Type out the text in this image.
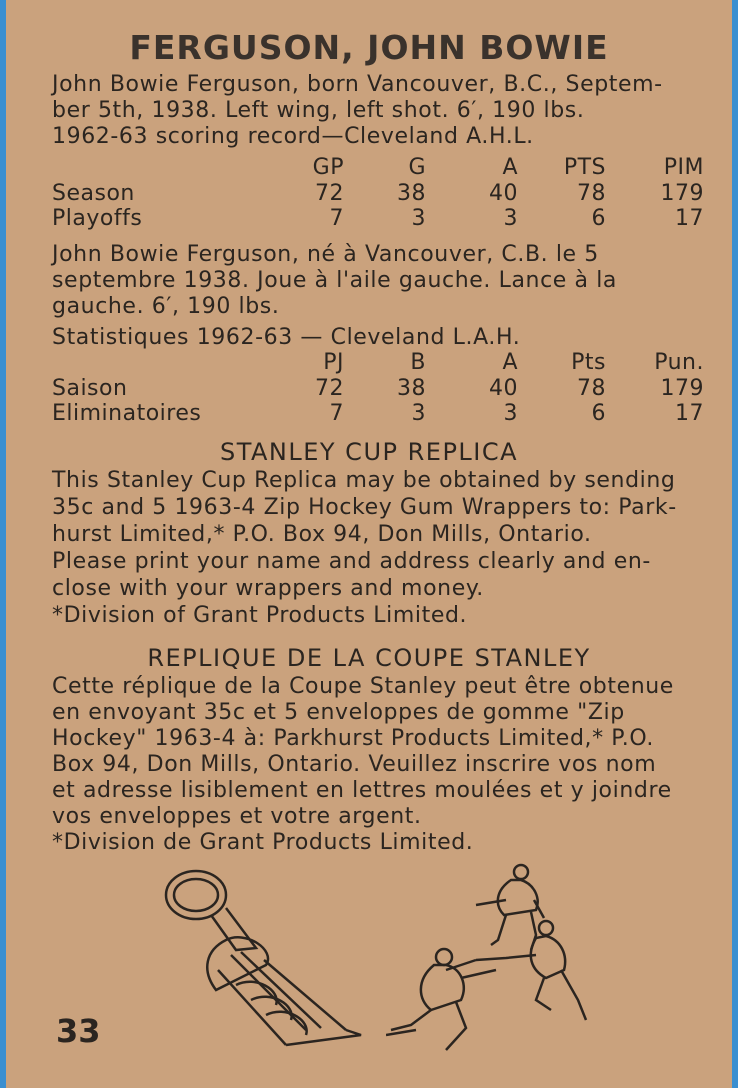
FERGUSON, JOHN BOWIE
John Bowie Ferguson, born Vancouver, B.C., Septem-
ber 5th, 1938. Left wing, left shot. 6′, 190 lbs.
1962-63 scoring record—Cleveland A.H.L.
GP	G	A PTS	PIM
Season	72 38	40	78 179
Playoffs	7	3	3	6	17
John Bowie Ferguson, né à Vancouver, C.B. le 5
septembre 1938. Joue à l'aile gauche. Lance à la
gauche. 6′, 190 lbs.
Statistiques 1962-63 — Cleveland L.A.H.
PJ	B	A Pts Pun.
Saison	72 38	40	78 179
Eliminatoires	7	3	3	6	17
STANLEY CUP REPLICA
This Stanley Cup Replica may be obtained by sending
35c and 5 1963-4 Zip Hockey Gum Wrappers to: Park-
hurst Limited,* P.O. Box 94, Don Mills, Ontario.
Please print your name and address clearly and en-
close with your wrappers and money.
*Division of Grant Products Limited.
REPLIQUE DE LA COUPE STANLEY
Cette réplique de la Coupe Stanley peut être obtenue
en envoyant 35c et 5 enveloppes de gomme "Zip
Hockey" 1963-4 à: Parkhurst Products Limited,* P.O.
Box 94, Don Mills, Ontario. Veuillez inscrire vos nom
et adresse lisiblement en lettres moulées et y joindre
vos enveloppes et votre argent.
*Division de Grant Products Limited.
33
